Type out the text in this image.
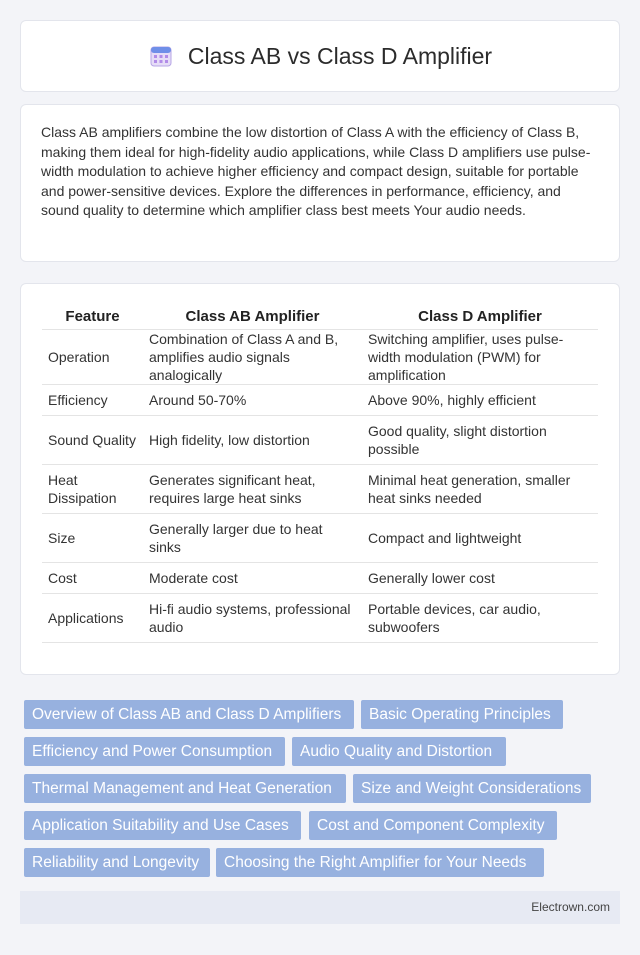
Class AB vs Class D Amplifier

Class AB amplifiers combine the low distortion of Class A with the efficiency of Class B, making them ideal for high-fidelity audio applications, while Class D amplifiers use pulse-width modulation to achieve higher efficiency and compact design, suitable for portable and power-sensitive devices. Explore the differences in performance, efficiency, and sound quality to determine which amplifier class best meets Your audio needs.

Feature	Class AB Amplifier	Class D Amplifier
Operation	Combination of Class A and B, amplifies audio signals analogically	Switching amplifier, uses pulse-width modulation (PWM) for amplification
Efficiency	Around 50-70%	Above 90%, highly efficient
Sound Quality	High fidelity, low distortion	Good quality, slight distortion possible
Heat Dissipation	Generates significant heat, requires large heat sinks	Minimal heat generation, smaller heat sinks needed
Size	Generally larger due to heat sinks	Compact and lightweight
Cost	Moderate cost	Generally lower cost
Applications	Hi-fi audio systems, professional audio	Portable devices, car audio, subwoofers
Overview of Class AB and Class D Amplifiers	Basic Operating Principles
Efficiency and Power Consumption	Audio Quality and Distortion
Thermal Management and Heat Generation	Size and Weight Considerations
Application Suitability and Use Cases	Cost and Component Complexity
Reliability and Longevity	Choosing the Right Amplifier for Your Needs
Electrown.com
